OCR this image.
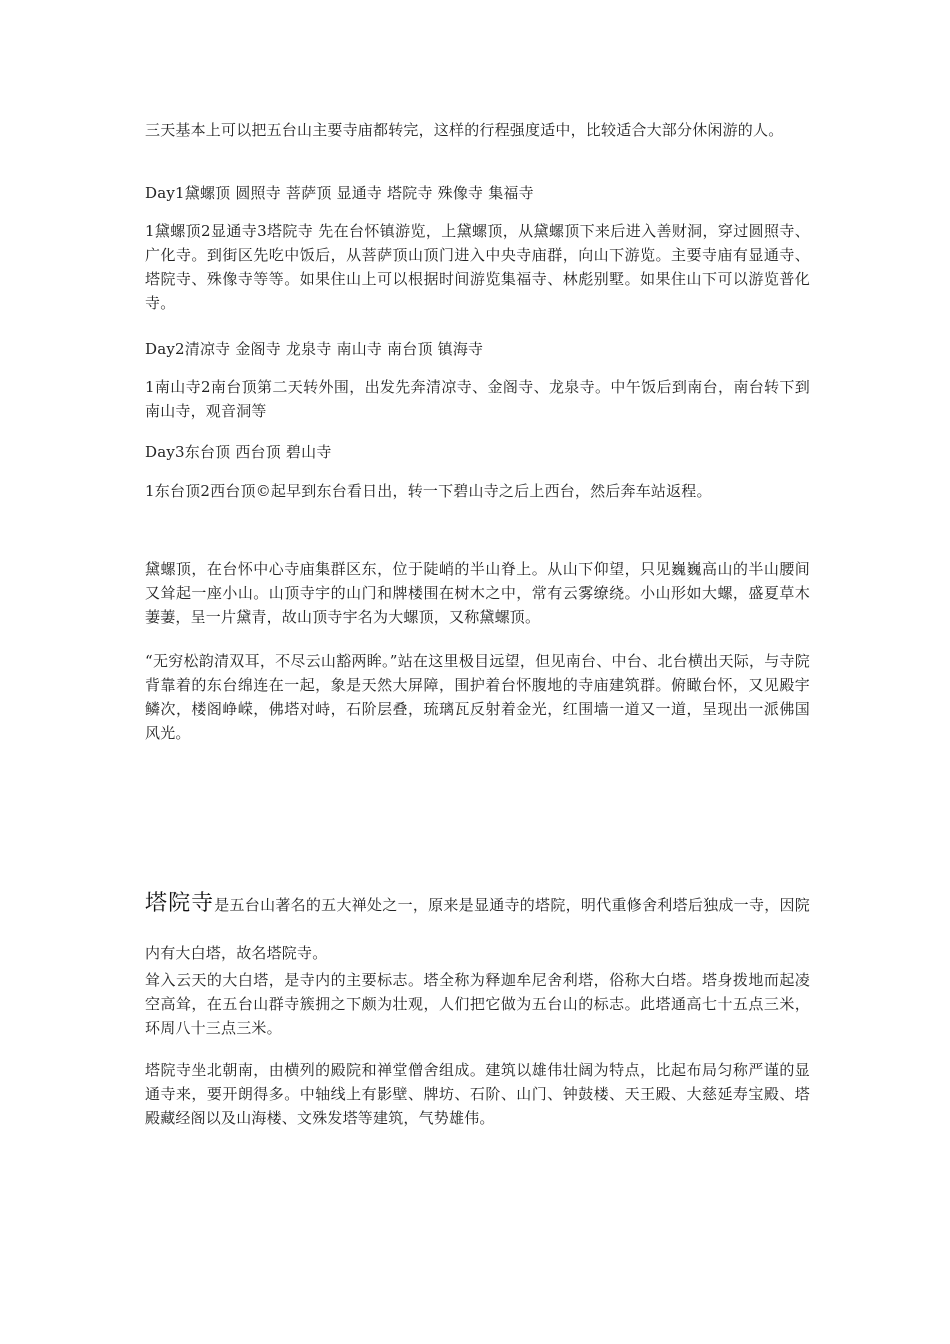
三天基本上可以把五台山主要寺庙都转完，这样的行程强度适中，比较适合大部分休闲游的人。

Day1黛螺顶 圆照寺 菩萨顶 显通寺 塔院寺 殊像寺 集福寺

1黛螺顶2显通寺3塔院寺 先在台怀镇游览，上黛螺顶，从黛螺顶下来后进入善财洞，穿过圆照寺、广化寺。到街区先吃中饭后，从菩萨顶山顶门进入中央寺庙群，向山下游览。主要寺庙有显通寺、塔院寺、殊像寺等等。如果住山上可以根据时间游览集福寺、林彪别墅。如果住山下可以游览普化寺。

Day2清凉寺 金阁寺 龙泉寺 南山寺 南台顶 镇海寺

1南山寺2南台顶第二天转外围，出发先奔清凉寺、金阁寺、龙泉寺。中午饭后到南台，南台转下到南山寺，观音洞等

Day3东台顶 西台顶 碧山寺

1东台顶2西台顶©起早到东台看日出，转一下碧山寺之后上西台，然后奔车站返程。

黛螺顶，在台怀中心寺庙集群区东，位于陡峭的半山脊上。从山下仰望，只见巍巍高山的半山腰间又耸起一座小山。山顶寺宇的山门和牌楼围在树木之中，常有云雾缭绕。小山形如大螺，盛夏草木萋萋，呈一片黛青，故山顶寺宇名为大螺顶，又称黛螺顶。

“无穷松韵清双耳，不尽云山豁两眸。”站在这里极目远望，但见南台、中台、北台横出天际，与寺院背靠着的东台绵连在一起，象是天然大屏障，围护着台怀腹地的寺庙建筑群。俯瞰台怀，又见殿宇鳞次，楼阁峥嵘，佛塔对峙，石阶层叠，琉璃瓦反射着金光，红围墙一道又一道，呈现出一派佛国风光。

塔院寺是五台山著名的五大禅处之一，原来是显通寺的塔院，明代重修舍利塔后独成一寺，因院内有大白塔，故名塔院寺。

耸入云天的大白塔，是寺内的主要标志。塔全称为释迦牟尼舍利塔，俗称大白塔。塔身拨地而起凌空高耸，在五台山群寺簇拥之下颇为壮观，人们把它做为五台山的标志。此塔通高七十五点三米，环周八十三点三米。

塔院寺坐北朝南，由横列的殿院和禅堂僧舍组成。建筑以雄伟壮阔为特点，比起布局匀称严谨的显通寺来，要开朗得多。中轴线上有影壁、牌坊、石阶、山门、钟鼓楼、天王殿、大慈延寿宝殿、塔殿藏经阁以及山海楼、文殊发塔等建筑，气势雄伟。
